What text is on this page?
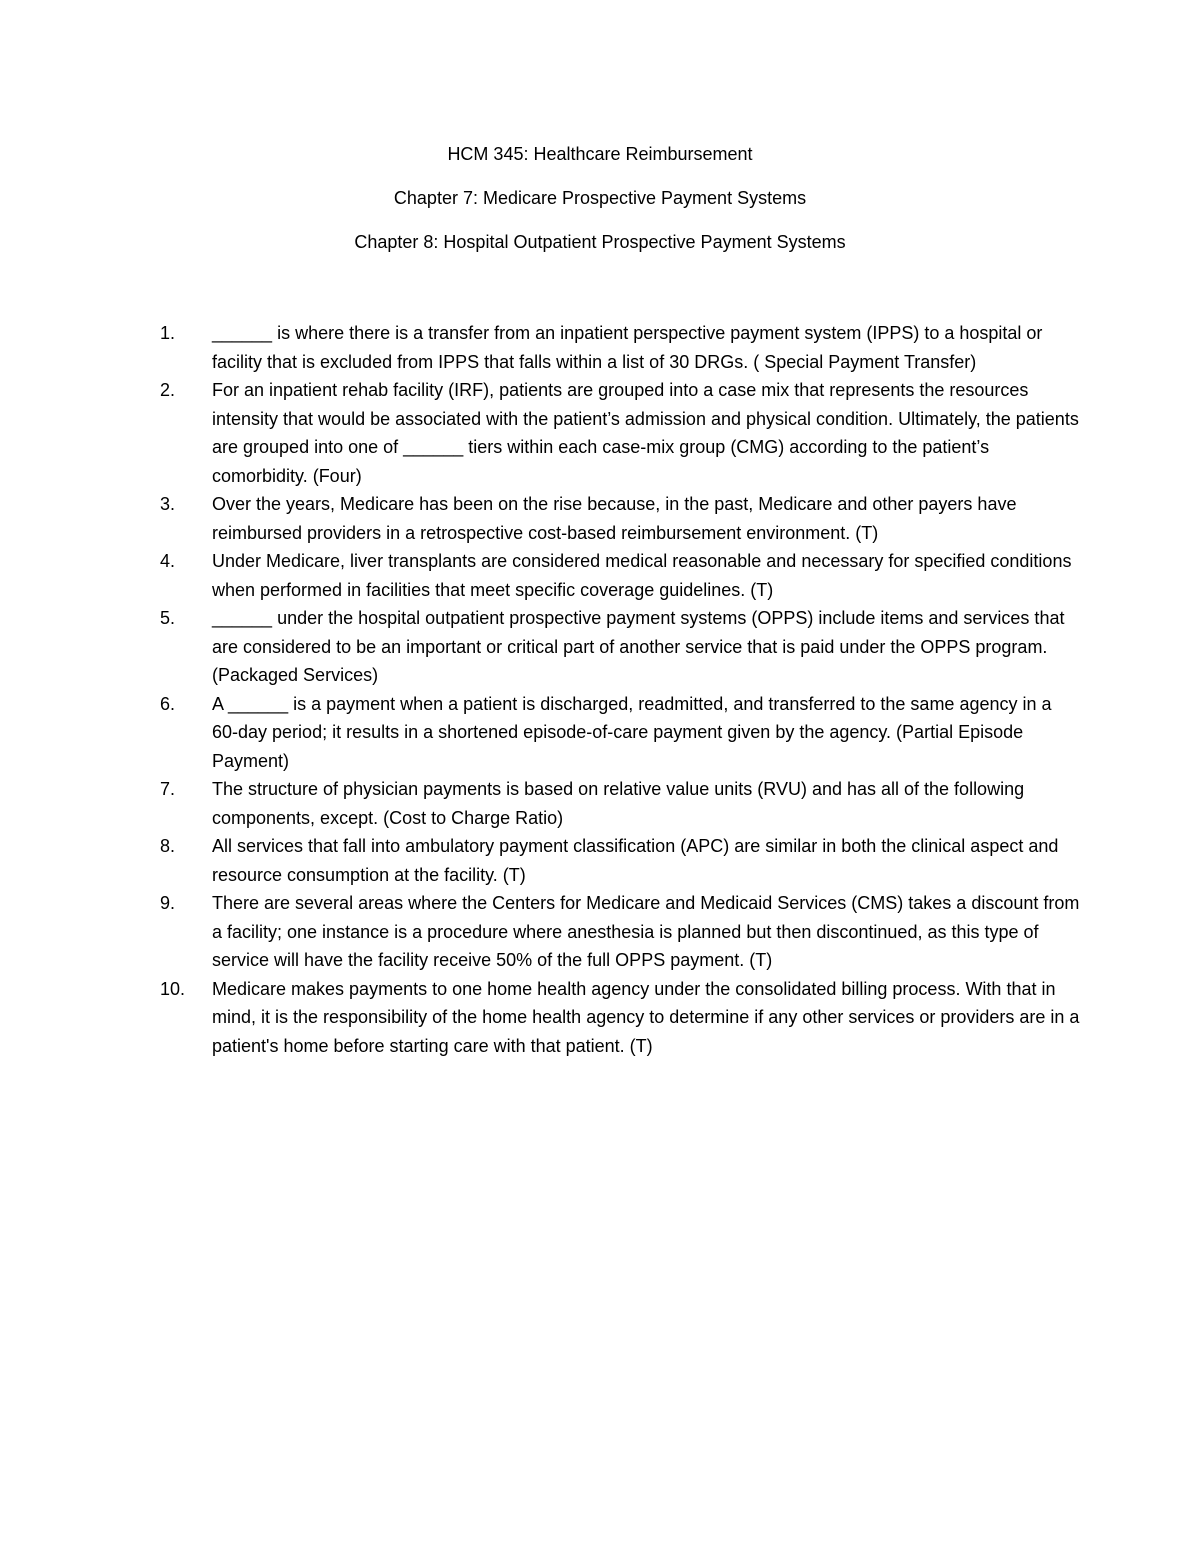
HCM 345: Healthcare Reimbursement
Chapter 7: Medicare Prospective Payment Systems
Chapter 8: Hospital Outpatient Prospective Payment Systems
1.	______ is where there is a transfer from an inpatient perspective payment system (IPPS) to a hospital or facility that is excluded from IPPS that falls within a list of 30 DRGs. ( Special Payment Transfer)
2.	For an inpatient rehab facility (IRF), patients are grouped into a case mix that represents the resources intensity that would be associated with the patient’s admission and physical condition. Ultimately, the patients are grouped into one of ______ tiers within each case-mix group (CMG) according to the patient’s comorbidity. (Four)
3.	Over the years, Medicare has been on the rise because, in the past, Medicare and other payers have reimbursed providers in a retrospective cost-based reimbursement environment. (T)
4.	Under Medicare, liver transplants are considered medical reasonable and necessary for specified conditions when performed in facilities that meet specific coverage guidelines. (T)
5.	______ under the hospital outpatient prospective payment systems (OPPS) include items and services that are considered to be an important or critical part of another service that is paid under the OPPS program. (Packaged Services)
6.	A ______ is a payment when a patient is discharged, readmitted, and transferred to the same agency in a 60-day period; it results in a shortened episode-of-care payment given by the agency. (Partial Episode Payment)
7.	The structure of physician payments is based on relative value units (RVU) and has all of the following components, except. (Cost to Charge Ratio)
8.	All services that fall into ambulatory payment classification (APC) are similar in both the clinical aspect and resource consumption at the facility. (T)
9.	There are several areas where the Centers for Medicare and Medicaid Services (CMS) takes a discount from a facility; one instance is a procedure where anesthesia is planned but then discontinued, as this type of service will have the facility receive 50% of the full OPPS payment. (T)
10.	Medicare makes payments to one home health agency under the consolidated billing process. With that in mind, it is the responsibility of the home health agency to determine if any other services or providers are in a patient's home before starting care with that patient. (T)
